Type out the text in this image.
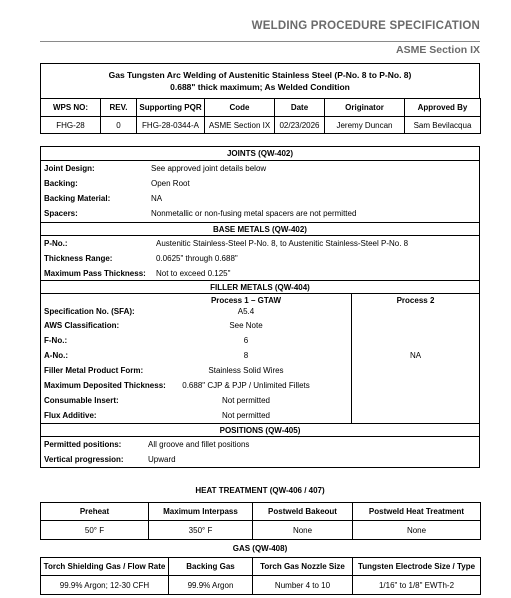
WELDING PROCEDURE SPECIFICATION
ASME Section IX
Gas Tungsten Arc Welding of Austenitic Stainless Steel (P-No. 8 to P-No. 8)
0.688" thick maximum; As Welded Condition
WPS NO:	REV.	Supporting PQR	Code	Date	Originator	Approved By
FHG-28	0	FHG-28-0344-A	ASME Section IX	02/23/2026	Jeremy Duncan	Sam Bevilacqua
JOINTS (QW-402)
Joint Design:	See approved joint details below
Backing:	Open Root
Backing Material:	NA
Spacers:	Nonmetallic or non-fusing metal spacers are not permitted
BASE METALS (QW-402)
P-No.:	Austenitic Stainless-Steel P-No. 8, to Austenitic Stainless-Steel P-No. 8
Thickness Range:	0.0625" through 0.688"
Maximum Pass Thickness:	Not to exceed 0.125"
FILLER METALS (QW-404)
Process 1 – GTAW
Specification No. (SFA):	A5.4
AWS Classification:	See Note
F-No.:	6
A-No.:	8
Filler Metal Product Form:	Stainless Solid Wires
Maximum Deposited Thickness:	0.688" CJP & PJP / Unlimited Fillets
Consumable Insert:	Not permitted
Flux Additive:	Not permitted
Process 2
NA
POSITIONS (QW-405)
Permitted positions:	All groove and fillet positions
Vertical progression:	Upward
HEAT TREATMENT (QW-406 / 407)
Preheat	Maximum Interpass	Postweld Bakeout	Postweld Heat Treatment
50° F	350° F	None	None
GAS (QW-408)
Torch Shielding Gas / Flow Rate	Backing Gas	Torch Gas Nozzle Size	Tungsten Electrode Size / Type
99.9% Argon; 12-30 CFH	99.9% Argon	Number 4 to 10	1/16" to 1/8" EWTh-2
